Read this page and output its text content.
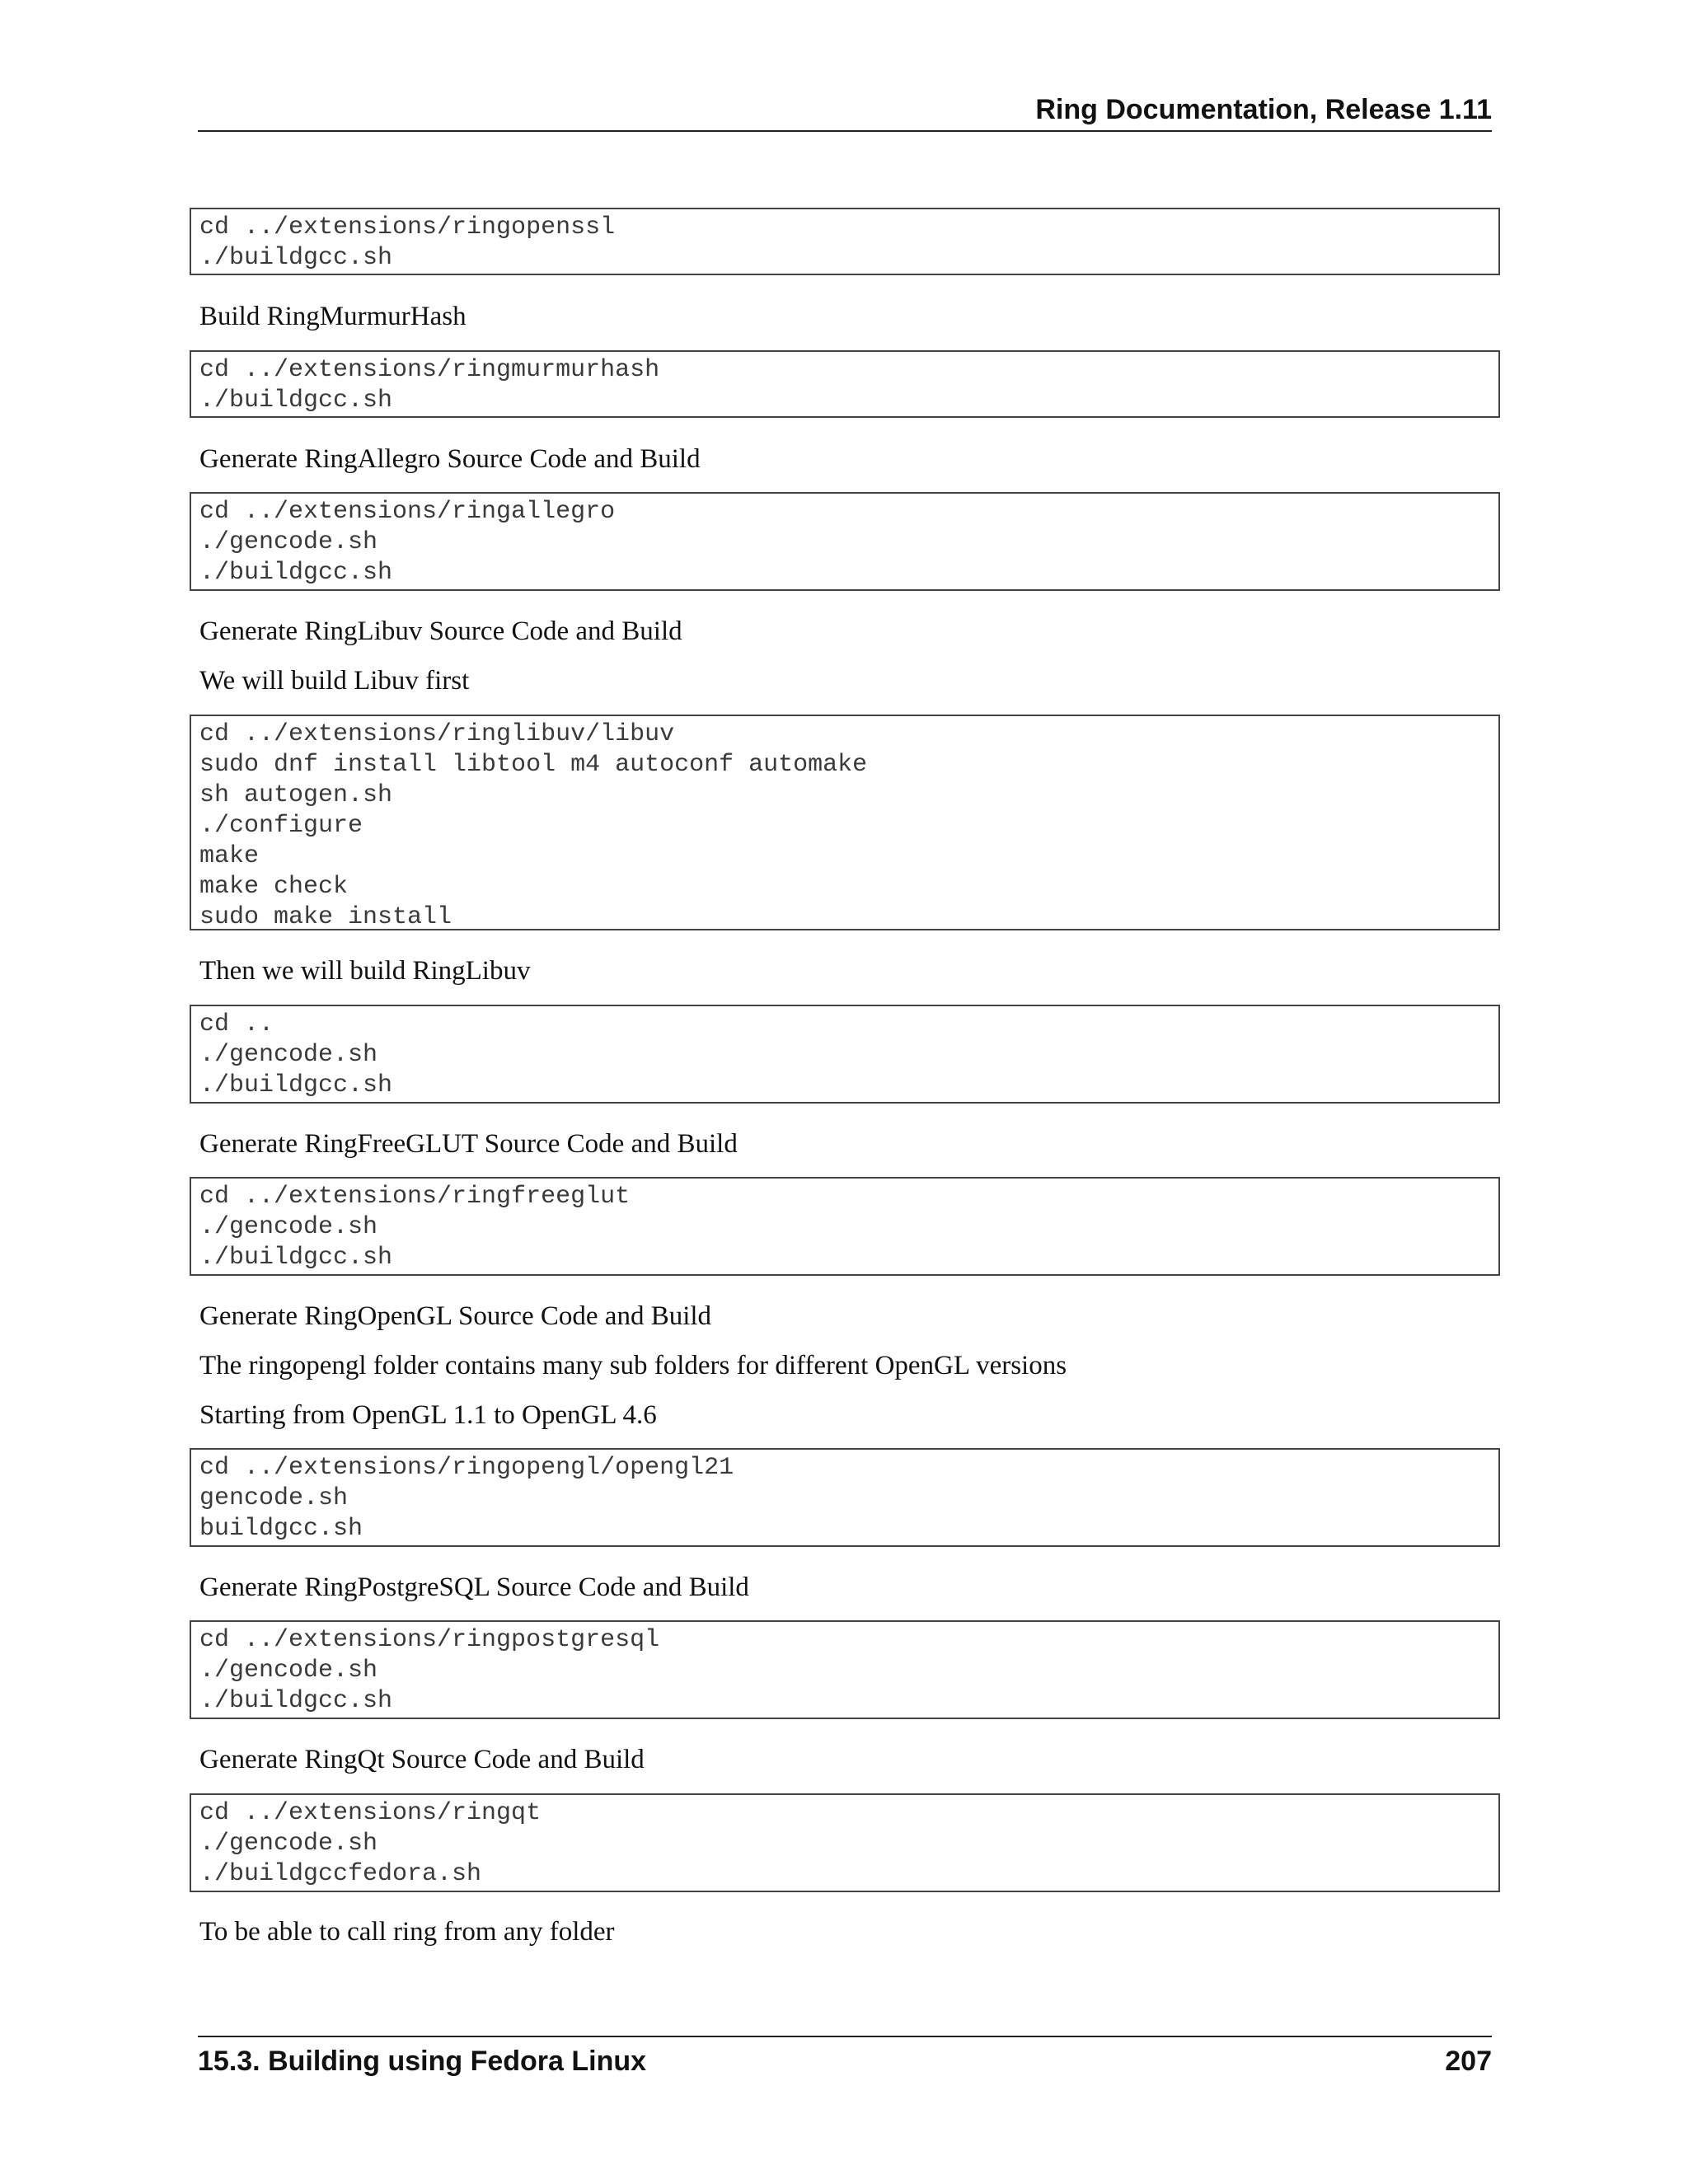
Ring Documentation, Release 1.11
cd ../extensions/ringopenssl
./buildgcc.sh

Build RingMurmurHash

cd ../extensions/ringmurmurhash
./buildgcc.sh

Generate RingAllegro Source Code and Build

cd ../extensions/ringallegro
./gencode.sh
./buildgcc.sh

Generate RingLibuv Source Code and Build

We will build Libuv first

cd ../extensions/ringlibuv/libuv
sudo dnf install libtool m4 autoconf automake
sh autogen.sh
./configure
make
make check
sudo make install

Then we will build RingLibuv

cd ..
./gencode.sh
./buildgcc.sh

Generate RingFreeGLUT Source Code and Build

cd ../extensions/ringfreeglut
./gencode.sh
./buildgcc.sh

Generate RingOpenGL Source Code and Build

The ringopengl folder contains many sub folders for different OpenGL versions

Starting from OpenGL 1.1 to OpenGL 4.6

cd ../extensions/ringopengl/opengl21
gencode.sh
buildgcc.sh

Generate RingPostgreSQL Source Code and Build

cd ../extensions/ringpostgresql
./gencode.sh
./buildgcc.sh

Generate RingQt Source Code and Build

cd ../extensions/ringqt
./gencode.sh
./buildgccfedora.sh

To be able to call ring from any folder

15.3. Building using Fedora Linux	207
